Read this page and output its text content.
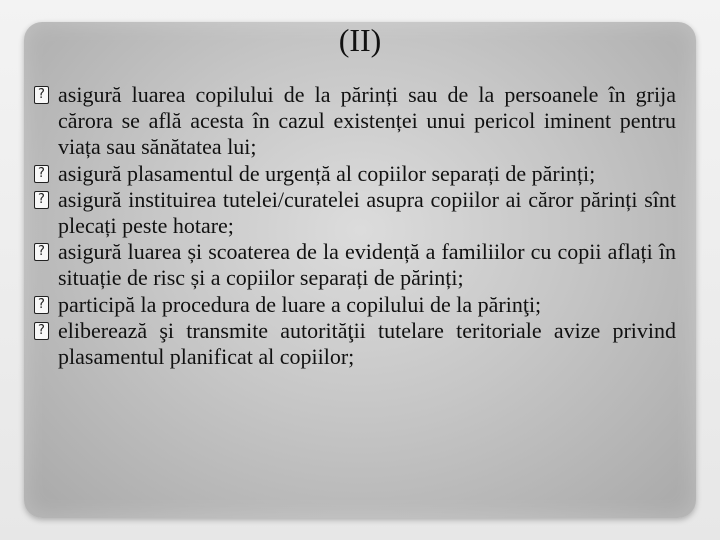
(II)
? asigură luarea copilului de la părinți sau de la persoanele în grija cărora se află acesta în cazul existenței unui pericol iminent pentru viața sau sănătatea lui;
? asigură plasamentul de urgență al copiilor separați de părinți;
? asigură instituirea tutelei/curatelei asupra copiilor ai căror părinți sînt plecați peste hotare;
? asigură luarea și scoaterea de la evidență a familiilor cu copii aflați în situație de risc și a copiilor separați de părinți;
? participă la procedura de luare a copilului de la părinţi;
? eliberează şi transmite autorităţii tutelare teritoriale avize privind plasamentul planificat al copiilor;
